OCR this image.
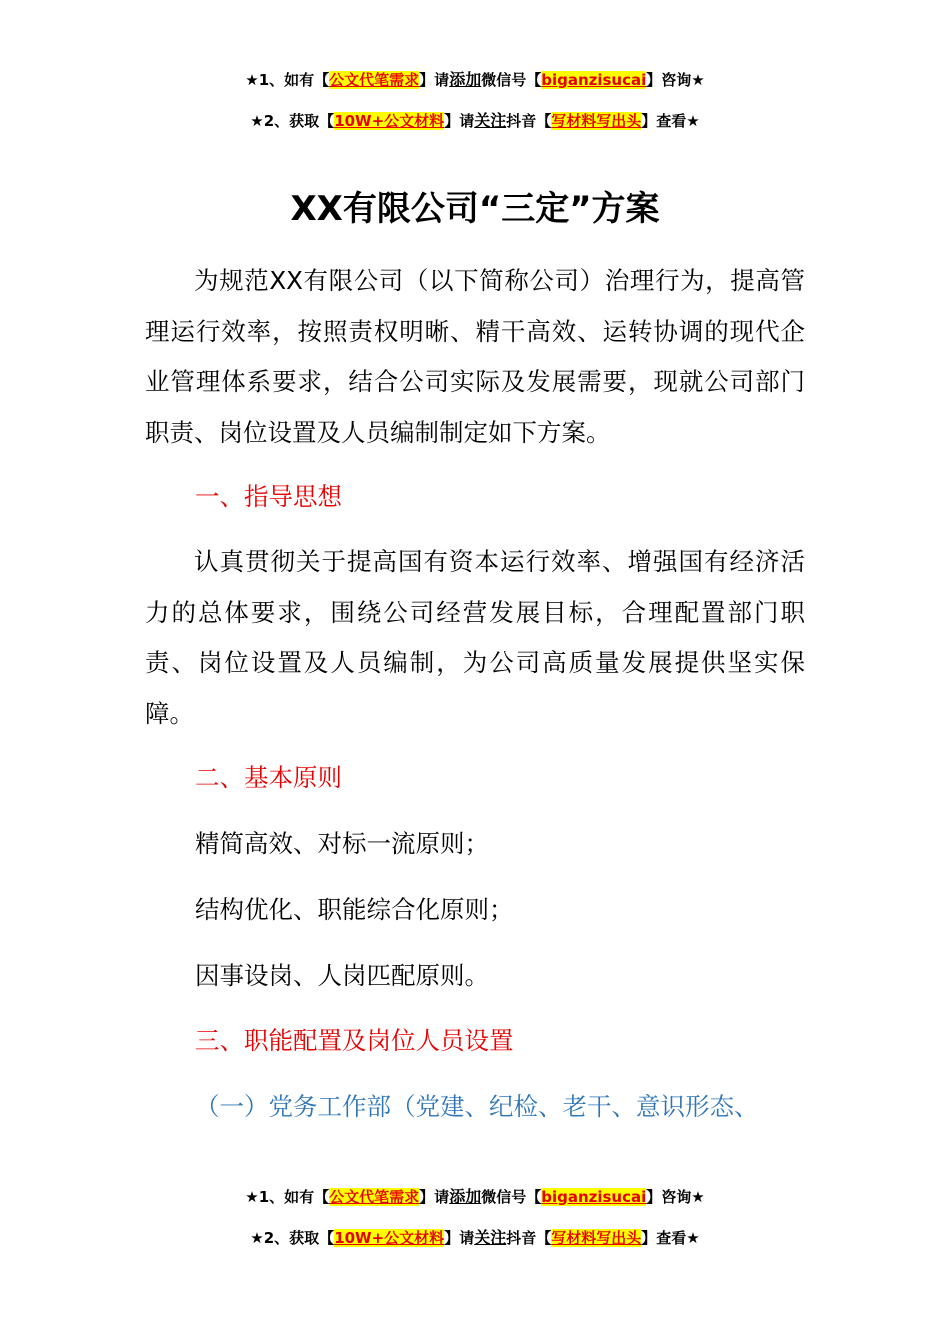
★1、如有【公文代笔需求】请添加微信号【biganzisucai】咨询★
★2、获取【10W+公文材料】请关注抖音【写材料写出头】查看★
XX有限公司“三定”方案

为规范XX有限公司（以下简称公司）治理行为，提高管理运行效率，按照责权明晰、精干高效、运转协调的现代企业管理体系要求，结合公司实际及发展需要，现就公司部门职责、岗位设置及人员编制制定如下方案。

一、指导思想

认真贯彻关于提高国有资本运行效率、增强国有经济活力的总体要求，围绕公司经营发展目标，合理配置部门职责、岗位设置及人员编制，为公司高质量发展提供坚实保障。

二、基本原则

精简高效、对标一流原则；

结构优化、职能综合化原则；

因事设岗、人岗匹配原则。

三、职能配置及岗位人员设置

（一）党务工作部（党建、纪检、老干、意识形态、

★1、如有【公文代笔需求】请添加微信号【biganzisucai】咨询★
★2、获取【10W+公文材料】请关注抖音【写材料写出头】查看★
